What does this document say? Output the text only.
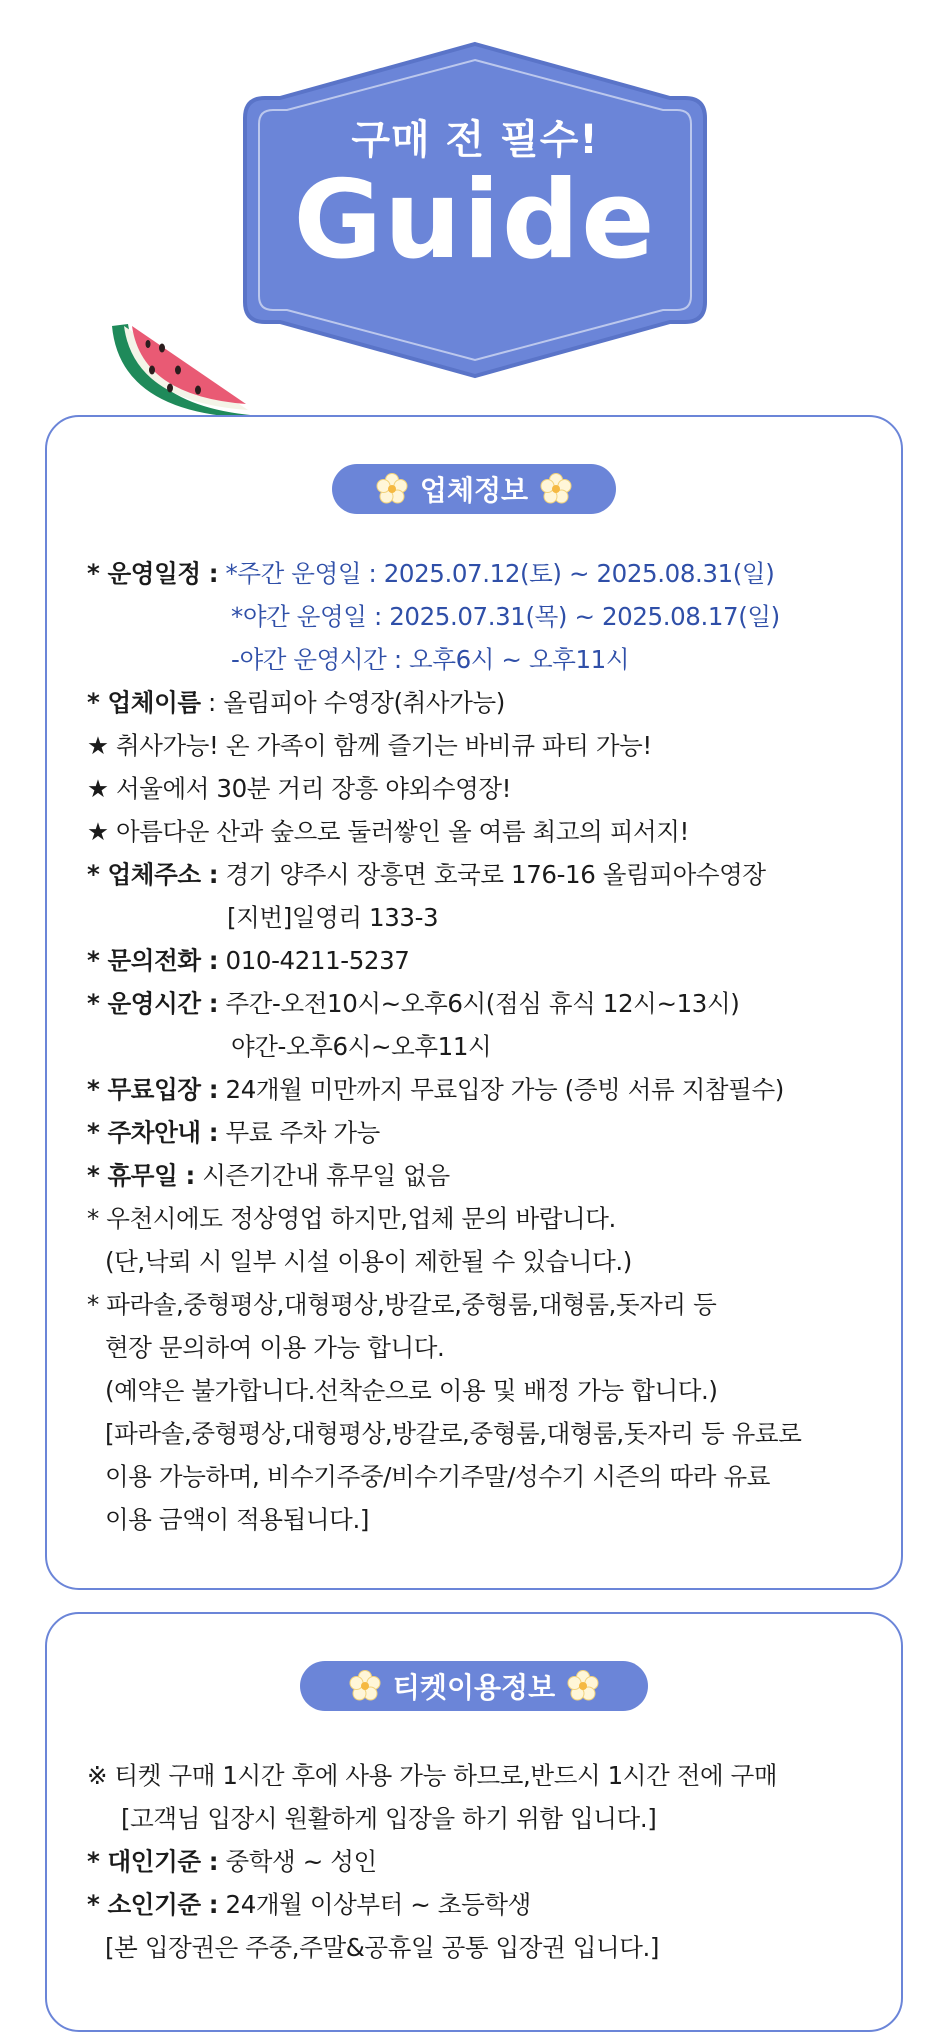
구매 전 필수!
Guide
업체정보
* 운영일정 : *주간 운영일 : 2025.07.12(토) ~ 2025.08.31(일)
*야간 운영일 : 2025.07.31(목) ~ 2025.08.17(일)
-야간 운영시간 : 오후6시 ~ 오후11시
* 업체이름 : 올림피아 수영장(취사가능)
★ 취사가능! 온 가족이 함께 즐기는 바비큐 파티 가능!
★ 서울에서 30분 거리 장흥 야외수영장!
★ 아름다운 산과 숲으로 둘러쌓인 올 여름 최고의 피서지!
* 업체주소 : 경기 양주시 장흥면 호국로 176-16 올림피아수영장
[지번]일영리 133-3
* 문의전화 : 010-4211-5237
* 운영시간 : 주간-오전10시~오후6시(점심 휴식 12시~13시)
야간-오후6시~오후11시
* 무료입장 : 24개월 미만까지 무료입장 가능 (증빙 서류 지참필수)
* 주차안내 : 무료 주차 가능
* 휴무일 : 시즌기간내 휴무일 없음
* 우천시에도 정상영업 하지만,업체 문의 바랍니다.
(단,낙뢰 시 일부 시설 이용이 제한될 수 있습니다.)
* 파라솔,중형평상,대형평상,방갈로,중형룸,대형룸,돗자리 등
현장 문의하여 이용 가능 합니다.
(예약은 불가합니다.선착순으로 이용 및 배정 가능 합니다.)
[파라솔,중형평상,대형평상,방갈로,중형룸,대형룸,돗자리 등 유료로
이용 가능하며, 비수기주중/비수기주말/성수기 시즌의 따라 유료
이용 금액이 적용됩니다.]
티켓이용정보
※ 티켓 구매 1시간 후에 사용 가능 하므로,반드시 1시간 전에 구매
[고객님 입장시 원활하게 입장을 하기 위함 입니다.]
* 대인기준 : 중학생 ~ 성인
* 소인기준 : 24개월 이상부터 ~ 초등학생
[본 입장권은 주중,주말&공휴일 공통 입장권 입니다.]
